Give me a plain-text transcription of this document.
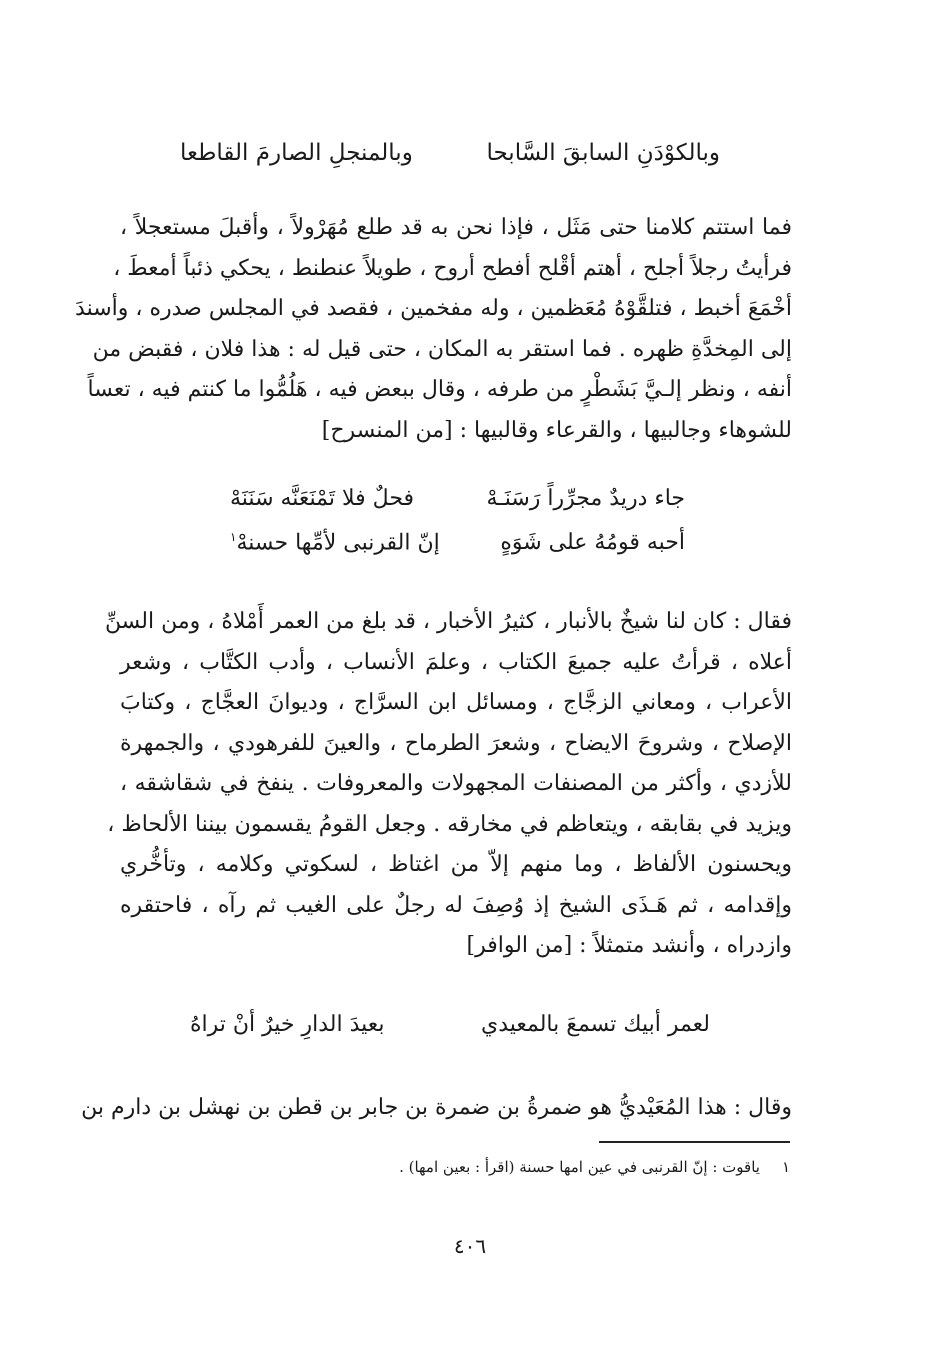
وبالكوْدَنِ السابقَ السَّابحا
وبالمنجلِ الصارمَ القاطعا
فما استتم كلامنا حتى مَثَل ، فإذا نحن به قد طلع مُهَرْولاً ، وأقبلَ مستعجلاً ،
فرأيتُ رجلاً أجلح ، أهتم أقْلح أفطح أروح ، طويلاً عنطنط ، يحكي ذئباً أمعطَ ،
أخْمَعَ أخبط ، فتلقَّوْهُ مُعَظمين ، وله مفخمين ، فقصد في المجلس صدره ، وأسندَ
إلى المِخدَّةِ ظهره . فما استقر به المكان ، حتى قيل له : هذا فلان ، فقبض من
أنفه ، ونظر إلـيَّ بَشَطْرٍ من طرفه ، وقال ببعض فيه ، هَلُمُّوا ما كنتم فيه ، تعساً
للشوهاء وجالبيها ، والقرعاء وقالبيها : [من المنسرح]
جاء دريدٌ مجرِّراً رَسَنَـهْ
فحلٌ فلا تَمْنَعَنَّه سَنَنَهْ
أحبه قومُهُ على شَوَهٍ
إنّ القرنبى لأمِّها حسنهْ$^١$
فقال : كان لنا شيخٌ بالأنبار ، كثيرُ الأخبار ، قد بلغ من العمر أَمْلاهُ ، ومن السنِّ
أعلاه ، قرأتُ عليه جميعَ الكتاب ، وعلمَ الأنساب ، وأدب الكتَّاب ، وشعر
الأعراب ، ومعاني الزجَّاج ، ومسائل ابن السرَّاج ، وديوانَ العجَّاج ، وكتابَ
الإصلاح ، وشروحَ الايضاح ، وشعرَ الطرماح ، والعينَ للفرهودي ، والجمهرة
للأزدي ، وأكثر من المصنفات المجهولات والمعروفات . ينفخ في شقاشقه ،
ويزيد في بقابقه ، ويتعاظم في مخارقه . وجعل القومُ يقسمون بيننا الألحاظ ،
ويحسنون الألفاظ ، وما منهم إلاّ من اغتاظ ، لسكوتي وكلامه ، وتأخُّري
وإقدامه ، ثم هَـذَى الشيخ إذ وُصِفَ له رجلٌ على الغيب ثم رآه ، فاحتقره
وازدراه ، وأنشد متمثلاً : [من الوافر]
لعمر أبيك تسمعَ بالمعيدي
بعيدَ الدارِ خيرٌ أنْ تراهُ
وقال : هذا المُعَيْديُّ هو ضمرةُ بن ضمرة بن جابر بن قطن بن نهشل بن دارم بن
١
ياقوت : إنّ القرنبى في عين امها حسنة (اقرأ : بعين امها) .
٤٠٦
